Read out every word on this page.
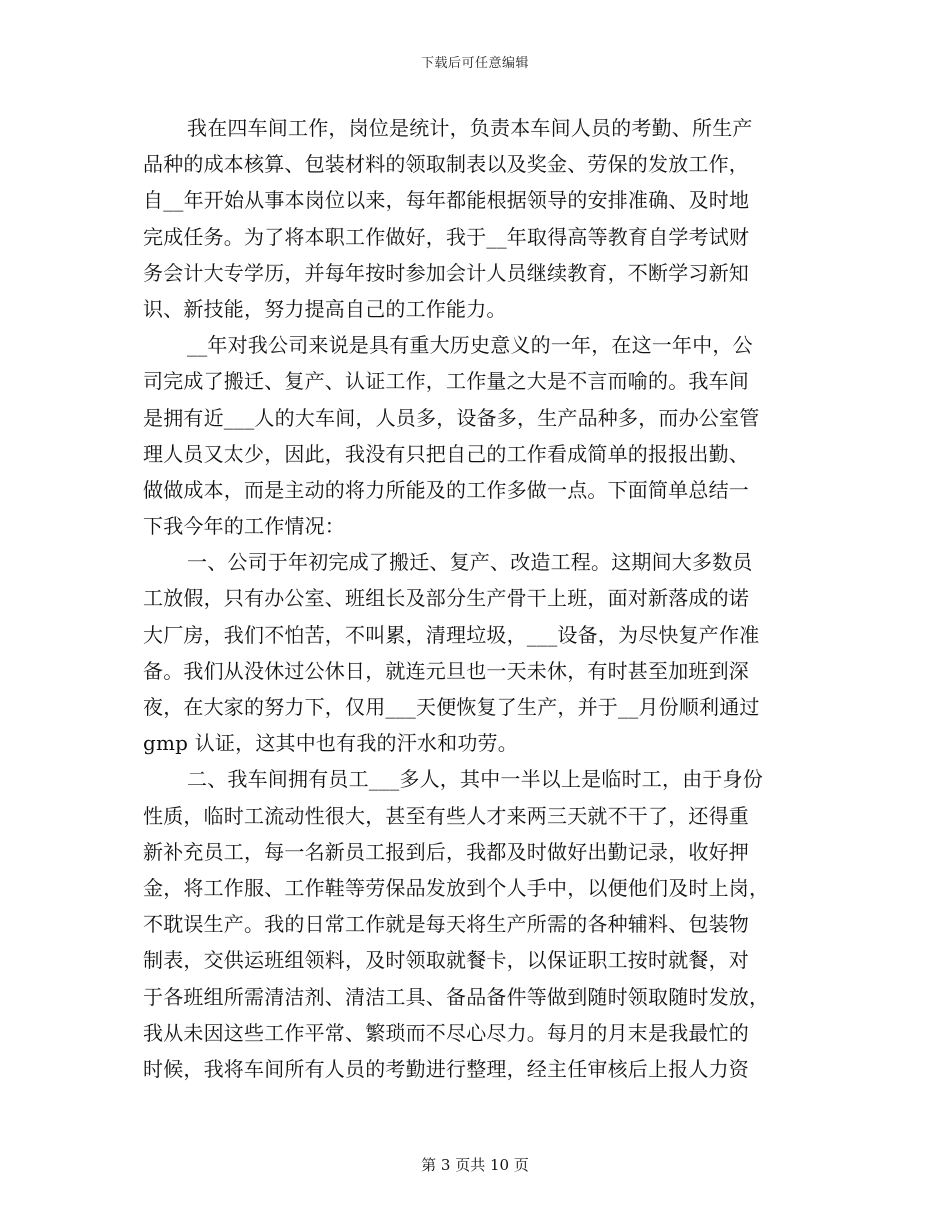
下载后可任意编辑
我在四车间工作，岗位是统计，负责本车间人员的考勤、所生产
品种的成本核算、包装材料的领取制表以及奖金、劳保的发放工作，
自__年开始从事本岗位以来，每年都能根据领导的安排准确、及时地
完成任务。为了将本职工作做好，我于__年取得高等教育自学考试财
务会计大专学历，并每年按时参加会计人员继续教育，不断学习新知
识、新技能，努力提高自己的工作能力。
__年对我公司来说是具有重大历史意义的一年，在这一年中，公
司完成了搬迁、复产、认证工作，工作量之大是不言而喻的。我车间
是拥有近___人的大车间，人员多，设备多，生产品种多，而办公室管
理人员又太少，因此，我没有只把自己的工作看成简单的报报出勤、
做做成本，而是主动的将力所能及的工作多做一点。下面简单总结一
下我今年的工作情况：
一、公司于年初完成了搬迁、复产、改造工程。这期间大多数员
工放假，只有办公室、班组长及部分生产骨干上班，面对新落成的诺
大厂房，我们不怕苦，不叫累，清理垃圾，___设备，为尽快复产作准
备。我们从没休过公休日，就连元旦也一天未休，有时甚至加班到深
夜，在大家的努力下，仅用___天便恢复了生产，并于__月份顺利通过
gmp 认证，这其中也有我的汗水和功劳。
二、我车间拥有员工___多人，其中一半以上是临时工，由于身份
性质，临时工流动性很大，甚至有些人才来两三天就不干了，还得重
新补充员工，每一名新员工报到后，我都及时做好出勤记录，收好押
金，将工作服、工作鞋等劳保品发放到个人手中，以便他们及时上岗，
不耽误生产。我的日常工作就是每天将生产所需的各种辅料、包装物
制表，交供运班组领料，及时领取就餐卡，以保证职工按时就餐，对
于各班组所需清洁剂、清洁工具、备品备件等做到随时领取随时发放，
我从未因这些工作平常、繁琐而不尽心尽力。每月的月末是我最忙的
时候，我将车间所有人员的考勤进行整理，经主任审核后上报人力资
第 3 页共 10 页
